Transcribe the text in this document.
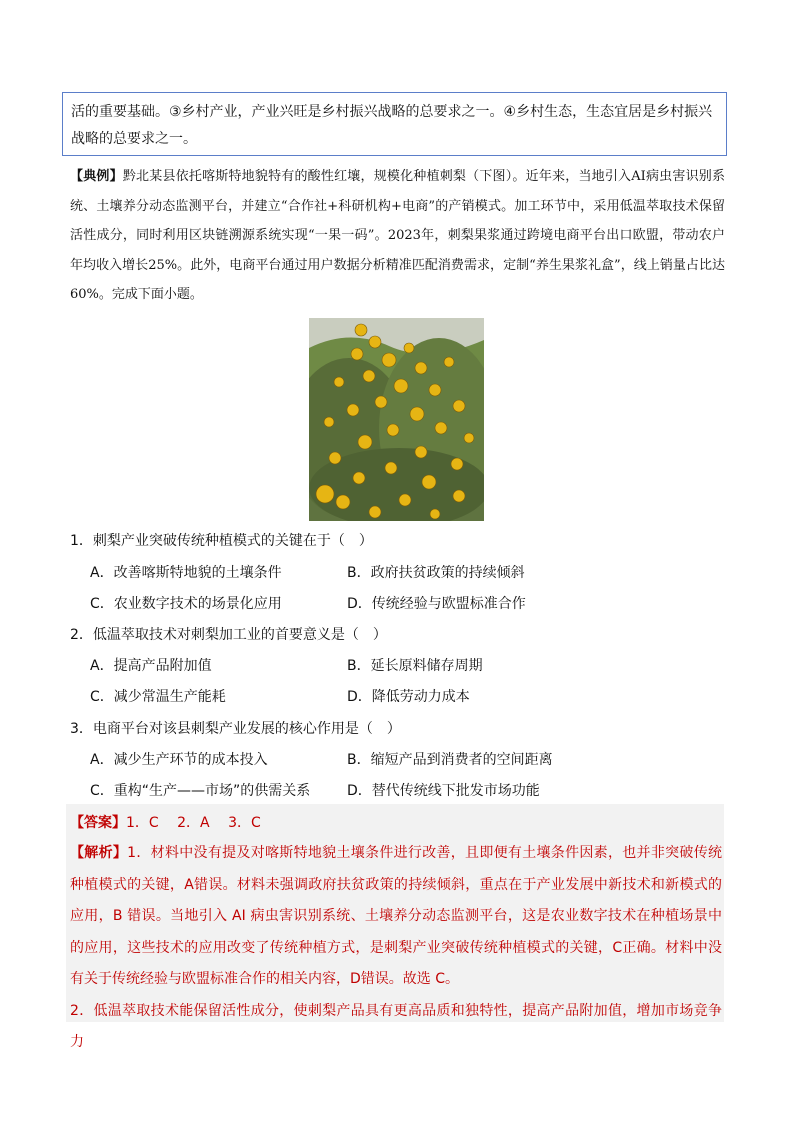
活的重要基础。③乡村产业，产业兴旺是乡村振兴战略的总要求之一。④乡村生态，生态宜居是乡村振兴战略的总要求之一。
【典例】黔北某县依托喀斯特地貌特有的酸性红壤，规模化种植刺梨（下图）。近年来，当地引入AI病虫害识别系统、土壤养分动态监测平台，并建立“合作社+科研机构+电商”的产销模式。加工环节中，采用低温萃取技术保留活性成分，同时利用区块链溯源系统实现“一果一码”。2023年，刺梨果浆通过跨境电商平台出口欧盟，带动农户年均收入增长25%。此外，电商平台通过用户数据分析精准匹配消费需求，定制“养生果浆礼盒”，线上销量占比达60%。完成下面小题。
1．刺梨产业突破传统种植模式的关键在于（　）
A．改善喀斯特地貌的土壤条件	B．政府扶贫政策的持续倾斜
C．农业数字技术的场景化应用	D．传统经验与欧盟标准合作
2．低温萃取技术对刺梨加工业的首要意义是（　）
A．提高产品附加值	B．延长原料储存周期
C．减少常温生产能耗	D．降低劳动力成本
3．电商平台对该县刺梨产业发展的核心作用是（　）
A．减少生产环节的成本投入	B．缩短产品到消费者的空间距离
C．重构“生产——市场”的供需关系	D．替代传统线下批发市场功能
【答案】1．C　 2．A　 3．C
【解析】1．材料中没有提及对喀斯特地貌土壤条件进行改善，且即便有土壤条件因素，也并非突破传统种植模式的关键，A错误。材料未强调政府扶贫政策的持续倾斜，重点在于产业发展中新技术和新模式的应用，B 错误。当地引入 AI 病虫害识别系统、土壤养分动态监测平台，这是农业数字技术在种植场景中的应用，这些技术的应用改变了传统种植方式，是刺梨产业突破传统种植模式的关键，C正确。材料中没有关于传统经验与欧盟标准合作的相关内容，D错误。故选 C。
2．低温萃取技术能保留活性成分，使刺梨产品具有更高品质和独特性，提高产品附加值，增加市场竞争力
